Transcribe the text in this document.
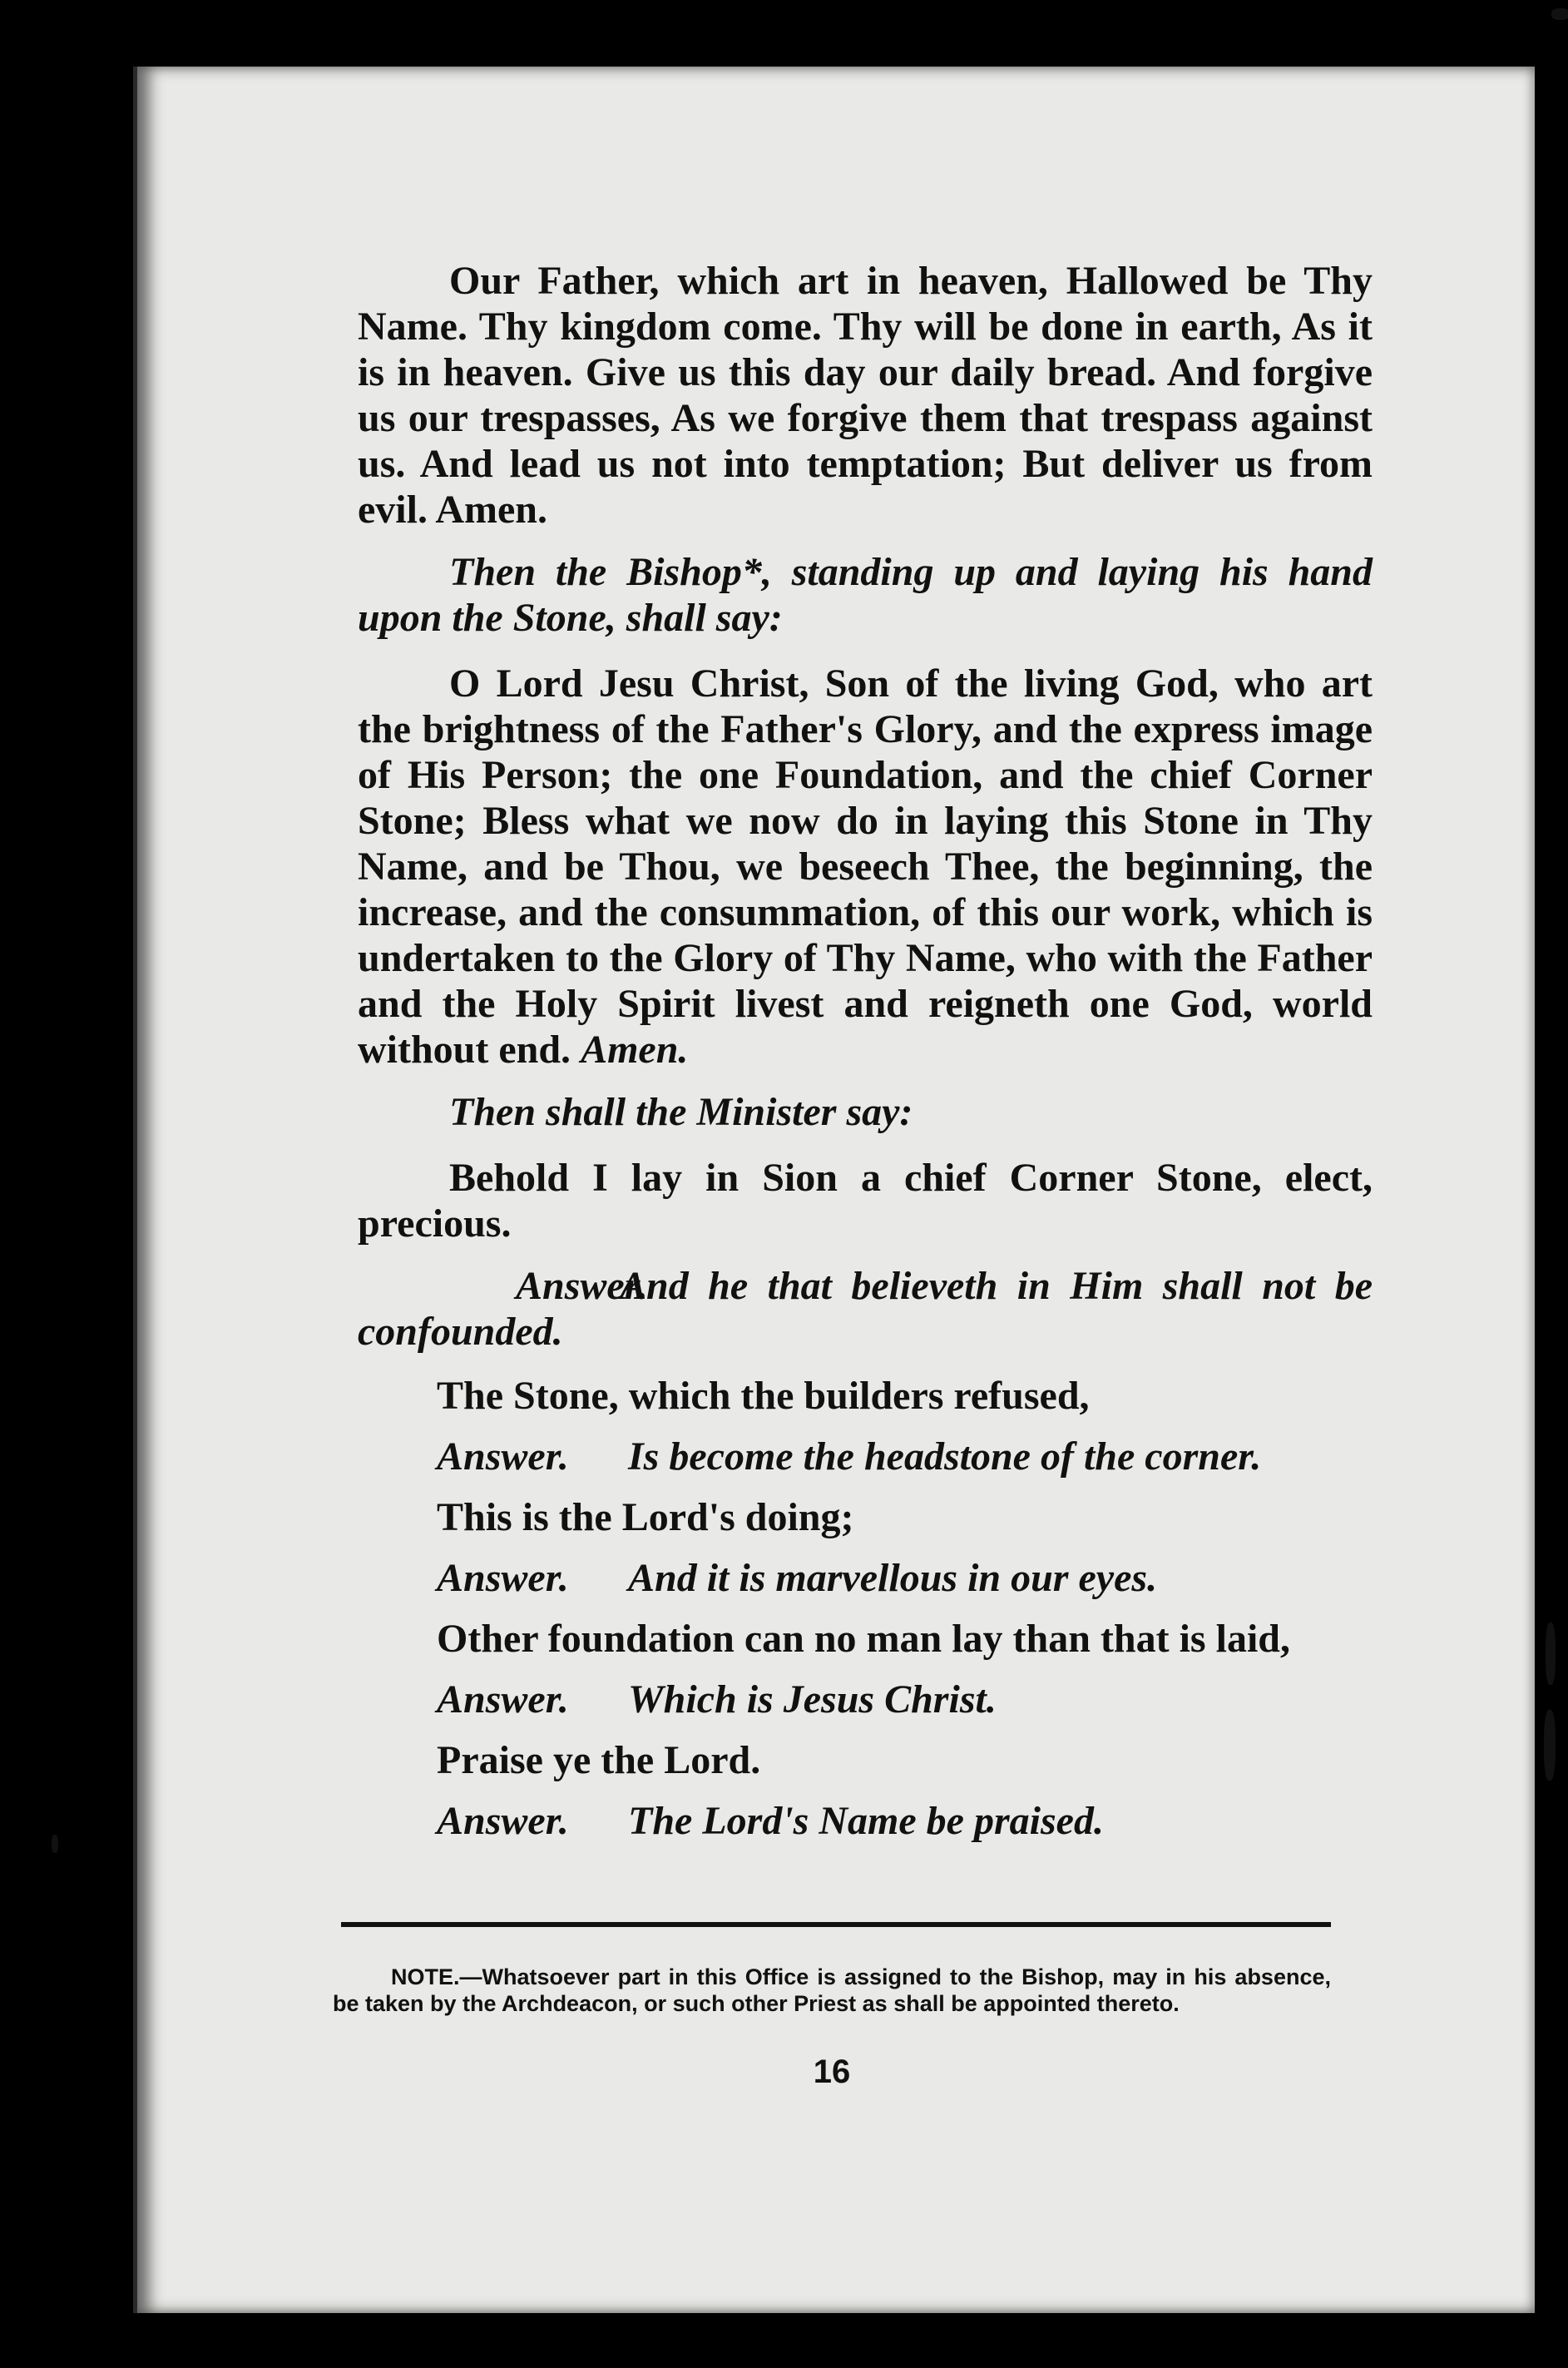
Our Father, which art in heaven, Hallowed be Thy Name. Thy kingdom come. Thy will be done in earth, As it is in heaven. Give us this day our daily bread. And forgive us our trespasses, As we forgive them that trespass against us. And lead us not into temptation; But deliver us from evil. Amen.

Then the Bishop*, standing up and laying his hand upon the Stone, shall say:

O Lord Jesu Christ, Son of the living God, who art the brightness of the Father's Glory, and the express image of His Person; the one Foundation, and the chief Corner Stone; Bless what we now do in laying this Stone in Thy Name, and be Thou, we beseech Thee, the beginning, the increase, and the consummation, of this our work, which is undertaken to the Glory of Thy Name, who with the Father and the Holy Spirit livest and reigneth one God, world without end. Amen.

Then shall the Minister say:

Behold I lay in Sion a chief Corner Stone, elect, precious.

Answer.And he that believeth in Him shall not be confounded.

The Stone, which the builders refused,

Answer. Is become the headstone of the corner.

This is the Lord's doing;

Answer. And it is marvellous in our eyes.

Other foundation can no man lay than that is laid,

Answer. Which is Jesus Christ.

Praise ye the Lord.

Answer. The Lord's Name be praised.

NOTE.—Whatsoever part in this Office is assigned to the Bishop, may in his absence, be taken by the Archdeacon, or such other Priest as shall be appointed thereto.
16
